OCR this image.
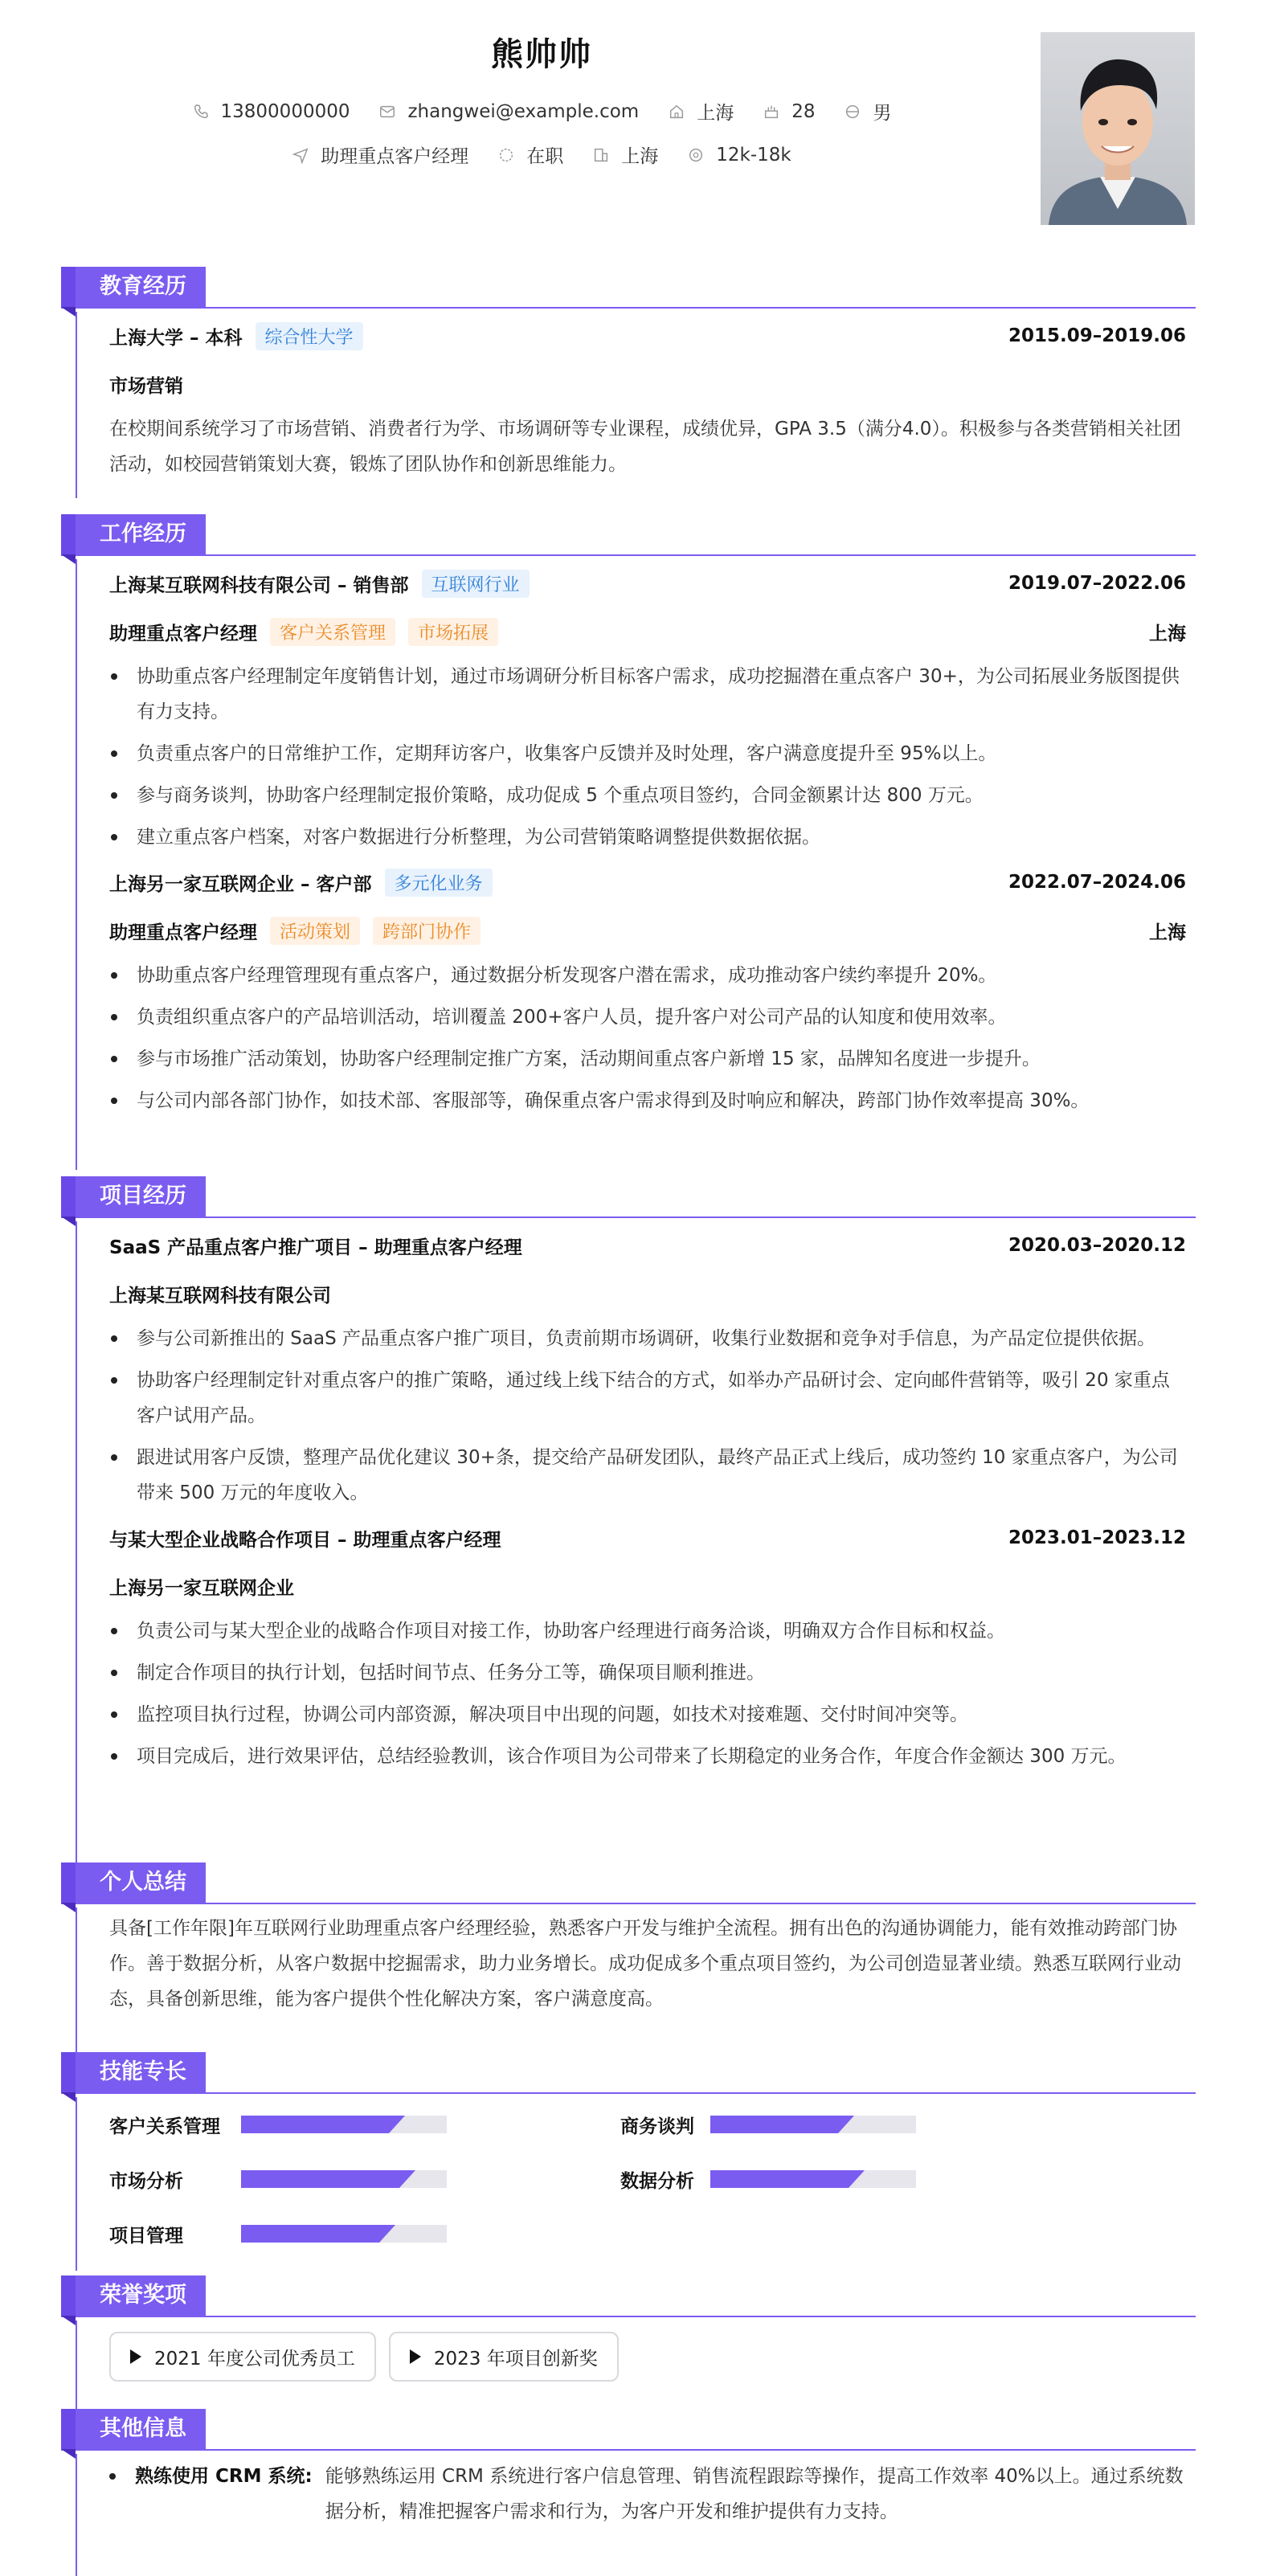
熊帅帅
13800000000	zhangwei@example.com	上海	28	男
助理重点客户经理	在职	上海	12k-18k
教育经历
上海大学 – 本科	综合性大学	2015.09–2019.06
市场营销

在校期间系统学习了市场营销、消费者行为学、市场调研等专业课程，成绩优异，GPA 3.5（满分4.0）。积极参与各类营销相关社团活动，如校园营销策划大赛，锻炼了团队协作和创新思维能力。

工作经历
上海某互联网科技有限公司 – 销售部	互联网行业	2019.07–2022.06
助理重点客户经理	客户关系管理	市场拓展	上海
协助重点客户经理制定年度销售计划，通过市场调研分析目标客户需求，成功挖掘潜在重点客户 30+，为公司拓展业务版图提供有力支持。
负责重点客户的日常维护工作，定期拜访客户，收集客户反馈并及时处理，客户满意度提升至 95%以上。
参与商务谈判，协助客户经理制定报价策略，成功促成 5 个重点项目签约，合同金额累计达 800 万元。
建立重点客户档案，对客户数据进行分析整理，为公司营销策略调整提供数据依据。
上海另一家互联网企业 – 客户部	多元化业务	2022.07–2024.06
助理重点客户经理	活动策划	跨部门协作	上海
协助重点客户经理管理现有重点客户，通过数据分析发现客户潜在需求，成功推动客户续约率提升 20%。
负责组织重点客户的产品培训活动，培训覆盖 200+客户人员，提升客户对公司产品的认知度和使用效率。
参与市场推广活动策划，协助客户经理制定推广方案，活动期间重点客户新增 15 家，品牌知名度进一步提升。
与公司内部各部门协作，如技术部、客服部等，确保重点客户需求得到及时响应和解决，跨部门协作效率提高 30%。
项目经历
SaaS 产品重点客户推广项目 – 助理重点客户经理	2020.03–2020.12
上海某互联网科技有限公司
参与公司新推出的 SaaS 产品重点客户推广项目，负责前期市场调研，收集行业数据和竞争对手信息，为产品定位提供依据。
协助客户经理制定针对重点客户的推广策略，通过线上线下结合的方式，如举办产品研讨会、定向邮件营销等，吸引 20 家重点客户试用产品。
跟进试用客户反馈，整理产品优化建议 30+条，提交给产品研发团队，最终产品正式上线后，成功签约 10 家重点客户，为公司带来 500 万元的年度收入。
与某大型企业战略合作项目 – 助理重点客户经理	2023.01–2023.12
上海另一家互联网企业
负责公司与某大型企业的战略合作项目对接工作，协助客户经理进行商务洽谈，明确双方合作目标和权益。
制定合作项目的执行计划，包括时间节点、任务分工等，确保项目顺利推进。
监控项目执行过程，协调公司内部资源，解决项目中出现的问题，如技术对接难题、交付时间冲突等。
项目完成后，进行效果评估，总结经验教训，该合作项目为公司带来了长期稳定的业务合作，年度合作金额达 300 万元。
个人总结

具备[工作年限]年互联网行业助理重点客户经理经验，熟悉客户开发与维护全流程。拥有出色的沟通协调能力，能有效推动跨部门协作。善于数据分析，从客户数据中挖掘需求，助力业务增长。成功促成多个重点项目签约，为公司创造显著业绩。熟悉互联网行业动态，具备创新思维，能为客户提供个性化解决方案，客户满意度高。

技能专长
客户关系管理	商务谈判
市场分析	数据分析
项目管理
荣誉奖项
2021 年度公司优秀员工	2023 年项目创新奖
其他信息
熟练使用 CRM 系统: 能够熟练运用 CRM 系统进行客户信息管理、销售流程跟踪等操作，提高工作效率 40%以上。通过系统数据分析，精准把握客户需求和行为，为客户开发和维护提供有力支持。
